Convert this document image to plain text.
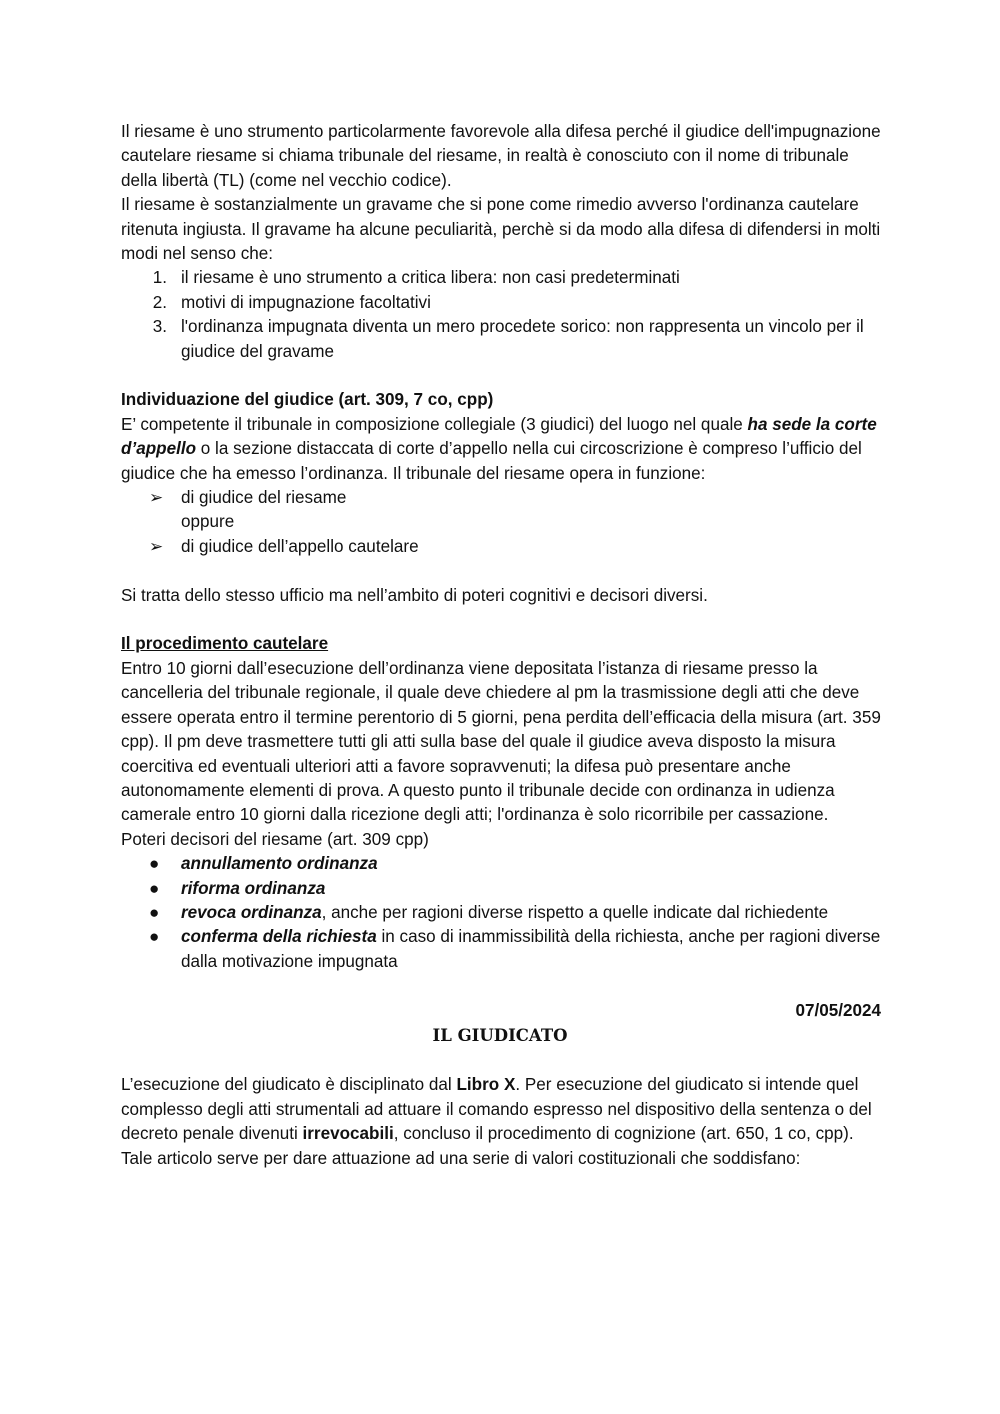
Il riesame è uno strumento particolarmente favorevole alla difesa perché il giudice dell'impugnazione cautelare riesame si chiama tribunale del riesame, in realtà è conosciuto con il nome di tribunale della libertà (TL) (come nel vecchio codice).

Il riesame è sostanzialmente un gravame che si pone come rimedio avverso l'ordinanza cautelare ritenuta ingiusta. Il gravame ha alcune peculiarità, perchè si da modo alla difesa di difendersi in molti modi nel senso che:

1. il riesame è uno strumento a critica libera: non casi predeterminati
2. motivi di impugnazione facoltativi
3. l'ordinanza impugnata diventa un mero procedete sorico: non rappresenta un vincolo per il giudice del gravame

Individuazione del giudice (art. 309, 7 co, cpp)

E’ competente il tribunale in composizione collegiale (3 giudici) del luogo nel quale ha sede la corte d’appello o la sezione distaccata di corte d’appello nella cui circoscrizione è compreso l’ufficio del giudice che ha emesso l’ordinanza. Il tribunale del riesame opera in funzione:

➢	di giudice del riesame
oppure
➢	di giudice dell’appello cautelare

Si tratta dello stesso ufficio ma nell’ambito di poteri cognitivi e decisori diversi.

Il procedimento cautelare

Entro 10 giorni dall’esecuzione dell’ordinanza viene depositata l’istanza di riesame presso la cancelleria del tribunale regionale, il quale deve chiedere al pm la trasmissione degli atti che deve essere operata entro il termine perentorio di 5 giorni, pena perdita dell’efficacia della misura (art. 359 cpp). Il pm deve trasmettere tutti gli atti sulla base del quale il giudice aveva disposto la misura coercitiva ed eventuali ulteriori atti a favore sopravvenuti; la difesa può presentare anche autonomamente elementi di prova. A questo punto il tribunale decide con ordinanza in udienza camerale entro 10 giorni dalla ricezione degli atti; l'ordinanza è solo ricorribile per cassazione.

Poteri decisori del riesame (art. 309 cpp)

●	annullamento ordinanza
●	riforma ordinanza
●	revoca ordinanza, anche per ragioni diverse rispetto a quelle indicate dal richiedente
●	conferma della richiesta in caso di inammissibilità della richiesta, anche per ragioni diverse dalla motivazione impugnata

07/05/2024

IL GIUDICATO

L’esecuzione del giudicato è disciplinato dal Libro X. Per esecuzione del giudicato si intende quel complesso degli atti strumentali ad attuare il comando espresso nel dispositivo della sentenza o del decreto penale divenuti irrevocabili, concluso il procedimento di cognizione (art. 650, 1 co, cpp). Tale articolo serve per dare attuazione ad una serie di valori costituzionali che soddisfano:
